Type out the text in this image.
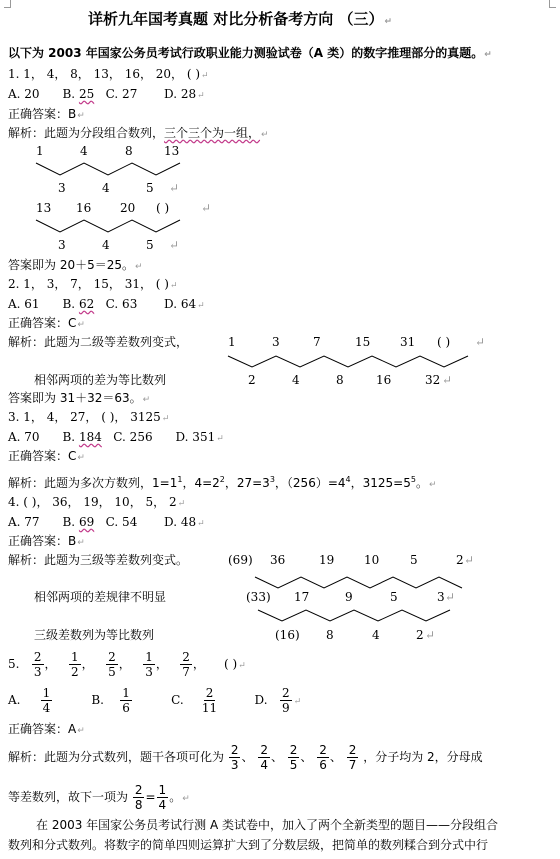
详析九年国考真题 对比分析备考方向 （三）↵
以下为 2003 年国家公务员考试行政职业能力测验试卷（A 类）的数字推理部分的真题。↵
1. 1， 4， 8， 13， 16， 20， ( )↵
A. 20 B. 25 C. 27 D. 28↵
正确答案：B↵
解析：此题为分段组合数列，三个三个为一组，↵
1	4	8	13
3	4	5 ↵
13 16 20 ( )	↵
3	4	5 ↵
答案即为 20＋5＝25。↵
2. 1， 3， 7， 15， 31， ( )↵
A. 61 B. 62 C. 63 D. 64↵
正确答案：C↵
解析：此题为二级等差数列变式，	1	3	7	15 31 ( ) ↵
相邻两项的差为等比数列	2	4	8	16	32 ↵
答案即为 31＋32＝63。↵
3. 1， 4， 27， ( )， 3125↵
A. 70 B. 184 C. 256 D. 351↵
正确答案：C↵
解析：此题为多次方数列，$1=1^1$，$4=2^2$，$27=3^3$，$(256)=4^4$，$3125=5^5$。↵
4. ( )， 36， 19， 10， 5， 2↵
A. 77 B. 69 C. 54 D. 48↵
正确答案：B↵
解析：此题为三级等差数列变式。	(69) 36	19 10	5	2 ↵
相邻两项的差规律不明显	(33) 17	9	5	3 ↵
三级差数列为等比数列	(16) 8	4	2 ↵
5. $\frac{2}{3}$ ， $\frac{1}{2}$ ， $\frac{2}{5}$ ， $\frac{1}{3}$ ， $\frac{2}{7}$ ，     ( )↵
A. $\frac{1}{4}$	B. $\frac{1}{6}$	C. $\frac{2}{11}$	D. $\frac{2}{9}$ ↵
正确答案：A↵
解析：此题为分式数列，题干各项可化为 $\frac{2}{3}$ 、 $\frac{2}{4}$ 、 $\frac{2}{5}$ 、 $\frac{2}{6}$ 、 $\frac{2}{7}$ ，分子均为 2，分母成
等差数列，故下一项为 $\frac{2}{8} = \frac{1}{4}$ 。↵
在 2003 年国家公务员考试行测 A 类试卷中，加入了两个全新类型的题目——分段组合
数列和分式数列。将数字的简单四则运算扩大到了分数层级，把简单的数列糅合到分式中行
